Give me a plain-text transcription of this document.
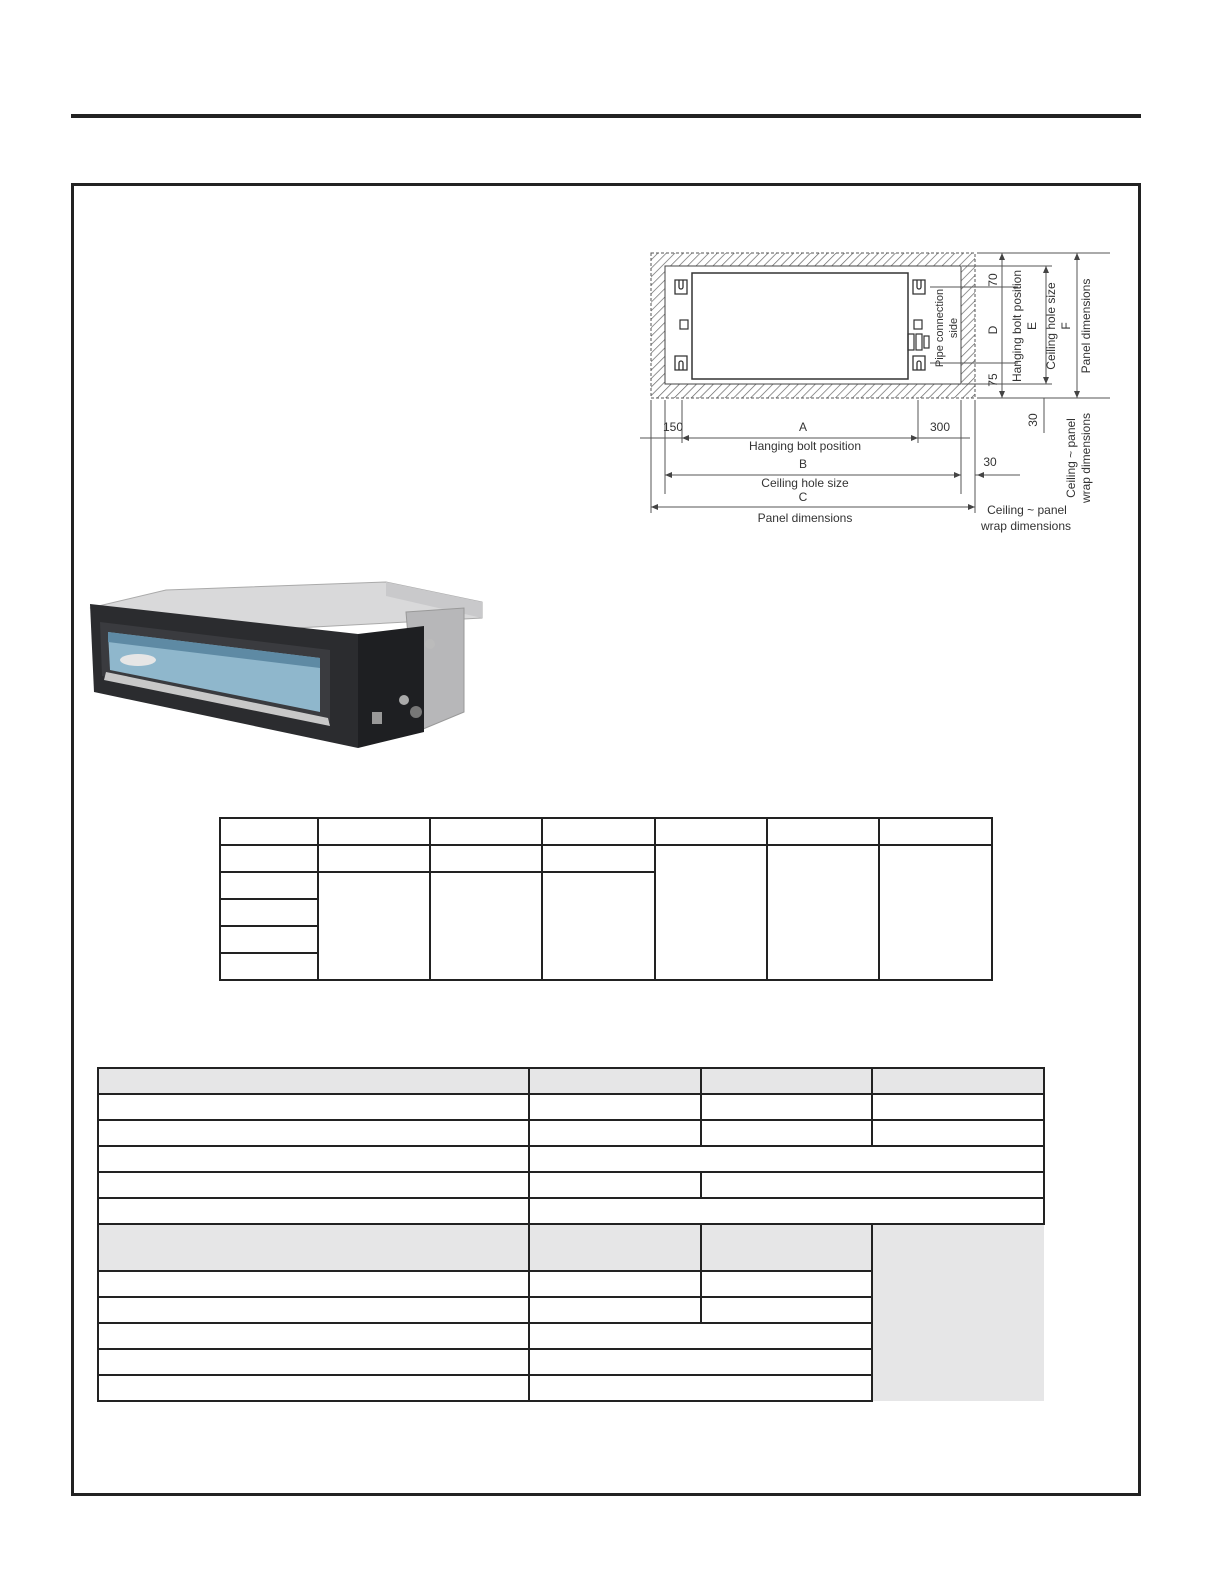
70
D
75
Pipe connection side	Hanging bolt position E Ceiling hole size F Panel dimensions
30 Ceiling ~ panel wrap dimensions
150	A	300
Hanging bolt position
B
Ceiling hole size
C
Panel dimensions
30
Ceiling ~ panel
wrap dimensions
